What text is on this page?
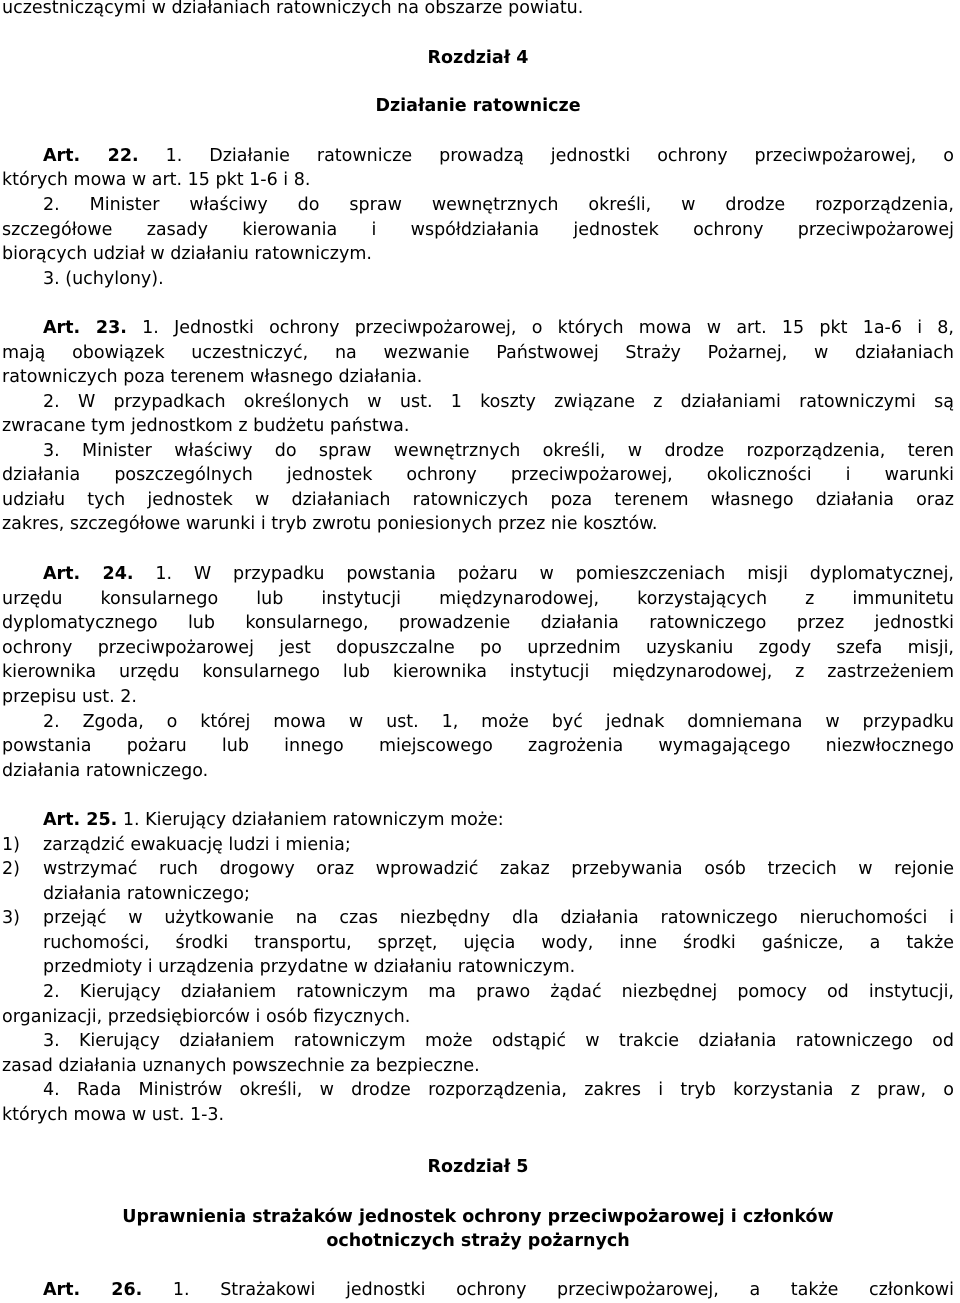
uczestniczącymi w działaniach ratowniczych na obszarze powiatu.
Rozdział 4
Działanie ratownicze
Art. 22. 1. Działanie ratownicze prowadzą jednostki ochrony przeciwpożarowej, o
których mowa w art. 15 pkt 1-6 i 8.
2. Minister właściwy do spraw wewnętrznych określi, w drodze rozporządzenia,
szczegółowe zasady kierowania i współdziałania jednostek ochrony przeciwpożarowej
biorących udział w działaniu ratowniczym.
3. (uchylony).
Art. 23. 1. Jednostki ochrony przeciwpożarowej, o których mowa w art. 15 pkt 1a-6 i 8,
mają obowiązek uczestniczyć, na wezwanie Państwowej Straży Pożarnej, w działaniach
ratowniczych poza terenem własnego działania.
2. W przypadkach określonych w ust. 1 koszty związane z działaniami ratowniczymi są
zwracane tym jednostkom z budżetu państwa.
3. Minister właściwy do spraw wewnętrznych określi, w drodze rozporządzenia, teren
działania poszczególnych jednostek ochrony przeciwpożarowej, okoliczności i warunki
udziału tych jednostek w działaniach ratowniczych poza terenem własnego działania oraz
zakres, szczegółowe warunki i tryb zwrotu poniesionych przez nie kosztów.
Art. 24. 1. W przypadku powstania pożaru w pomieszczeniach misji dyplomatycznej,
urzędu konsularnego lub instytucji międzynarodowej, korzystających z immunitetu
dyplomatycznego lub konsularnego, prowadzenie działania ratowniczego przez jednostki
ochrony przeciwpożarowej jest dopuszczalne po uprzednim uzyskaniu zgody szefa misji,
kierownika urzędu konsularnego lub kierownika instytucji międzynarodowej, z zastrzeżeniem
przepisu ust. 2.
2. Zgoda, o której mowa w ust. 1, może być jednak domniemana w przypadku
powstania pożaru lub innego miejscowego zagrożenia wymagającego niezwłocznego
działania ratowniczego.
Art. 25. 1. Kierujący działaniem ratowniczym może:
1)	zarządzić ewakuację ludzi i mienia;
2)	wstrzymać ruch drogowy oraz wprowadzić zakaz przebywania osób trzecich w rejonie
działania ratowniczego;
3)	przejąć w użytkowanie na czas niezbędny dla działania ratowniczego nieruchomości i
ruchomości, środki transportu, sprzęt, ujęcia wody, inne środki gaśnicze, a także
przedmioty i urządzenia przydatne w działaniu ratowniczym.
2. Kierujący działaniem ratowniczym ma prawo żądać niezbędnej pomocy od instytucji,
organizacji, przedsiębiorców i osób fizycznych.
3. Kierujący działaniem ratowniczym może odstąpić w trakcie działania ratowniczego od
zasad działania uznanych powszechnie za bezpieczne.
4. Rada Ministrów określi, w drodze rozporządzenia, zakres i tryb korzystania z praw, o
których mowa w ust. 1-3.
Rozdział 5
Uprawnienia strażaków jednostek ochrony przeciwpożarowej i członków
ochotniczych straży pożarnych
Art. 26. 1. Strażakowi jednostki ochrony przeciwpożarowej, a także członkowi
